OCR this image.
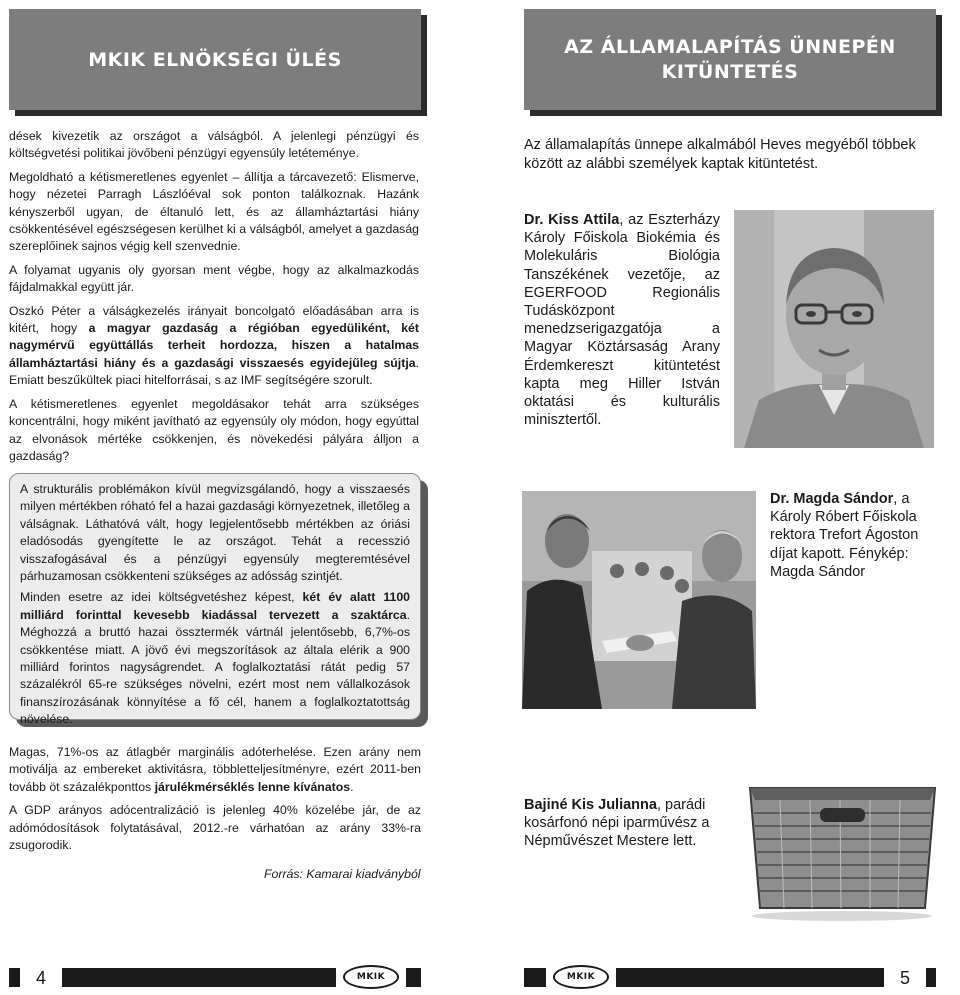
MKIK ELNÖKSÉGI ÜLÉS

dések kivezetik az országot a válságból. A jelenlegi pénzügyi és költségvetési politikai jövőbeni pénzügyi egyensúly letéteménye.

Megoldható a kétismeretlenes egyenlet – állítja a tárcavezető: Elismerve, hogy nézetei Parragh Lászlóéval sok ponton találkoznak. Hazánk kényszerből ugyan, de éltanuló lett, és az államháztartási hiány csökkentésével egészségesen kerülhet ki a válságból, amelyet a gazdaság szereplőinek sajnos végig kell szenvednie.

A folyamat ugyanis oly gyorsan ment végbe, hogy az alkalmazkodás fájdalmakkal együtt jár.

Oszkó Péter a válságkezelés irányait boncolgató előadásában arra is kitért, hogy a magyar gazdaság a régióban egyedüliként, két nagymérvű együttállás terheit hordozza, hiszen a hatalmas államháztartási hiány és a gazdasági visszaesés egyidejűleg sújtja. Emiatt beszűkültek piaci hitelforrásai, s az IMF segítségére szorult.

A kétismeretlenes egyenlet megoldásakor tehát arra szükséges koncentrálni, hogy miként javítható az egyensúly oly módon, hogy egyúttal az elvonások mértéke csökkenjen, és növekedési pályára álljon a gazdaság?

A strukturális problémákon kívül megvizsgálandó, hogy a visszaesés milyen mértékben róható fel a hazai gazdasági környezetnek, illetőleg a válságnak. Láthatóvá vált, hogy legjelentősebb mértékben az óriási eladósodás gyengítette le az országot. Tehát a recesszió visszafogásával és a pénzügyi egyensúly megteremtésével párhuzamosan csökkenteni szükséges az adósság szintjét.

Minden esetre az idei költségvetéshez képest, két év alatt 1100 milliárd forinttal kevesebb kiadással tervezett a szaktárca. Méghozzá a bruttó hazai össztermék vártnál jelentősebb, 6,7%-os csökkentése miatt. A jövő évi megszorítások az általa elérik a 900 milliárd forintos nagyságrendet. A foglalkoztatási rátát pedig 57 százalékról 65-re szükséges növelni, ezért most nem vállalkozások finanszírozásának könnyítése a fő cél, hanem a foglalkoztatottság növelése.

Magas, 71%-os az átlagbér marginális adóterhelése. Ezen arány nem motiválja az embereket aktivitásra, többletteljesítményre, ezért 2011-ben tovább öt százalékponttos járulékmérséklés lenne kívánatos.

A GDP arányos adócentralizáció is jelenleg 40% közelébe jár, de az adómódosítások folytatásával, 2012.-re várhatóan az arány 33%-ra zsugorodik.

Forrás: Kamarai kiadványból
AZ ÁLLAMALAPÍTÁS ÜNNEPÉN
KITÜNTETÉS
Az államalapítás ünnepe alkalmából Heves megyéből többek között az alábbi személyek kaptak kitüntetést.
Dr. Kiss Attila, az Eszterházy Károly Főiskola Biokémia és Molekuláris Biológia Tanszékének vezetője, az EGERFOOD Regionális Tudásközpont menedzserigazgatója a Magyar Köztársaság Arany Érdemkereszt kitüntetést kapta meg Hiller István oktatási és kulturális minisztertől.
Dr. Magda Sándor, a Károly Róbert Főiskola rektora Trefort Ágoston díjat kapott. Fénykép: Magda Sándor
Bajiné Kis Julianna, parádi kosárfonó népi iparművész a Népművészet Mestere lett.
4	5
MKIK	MKIK
